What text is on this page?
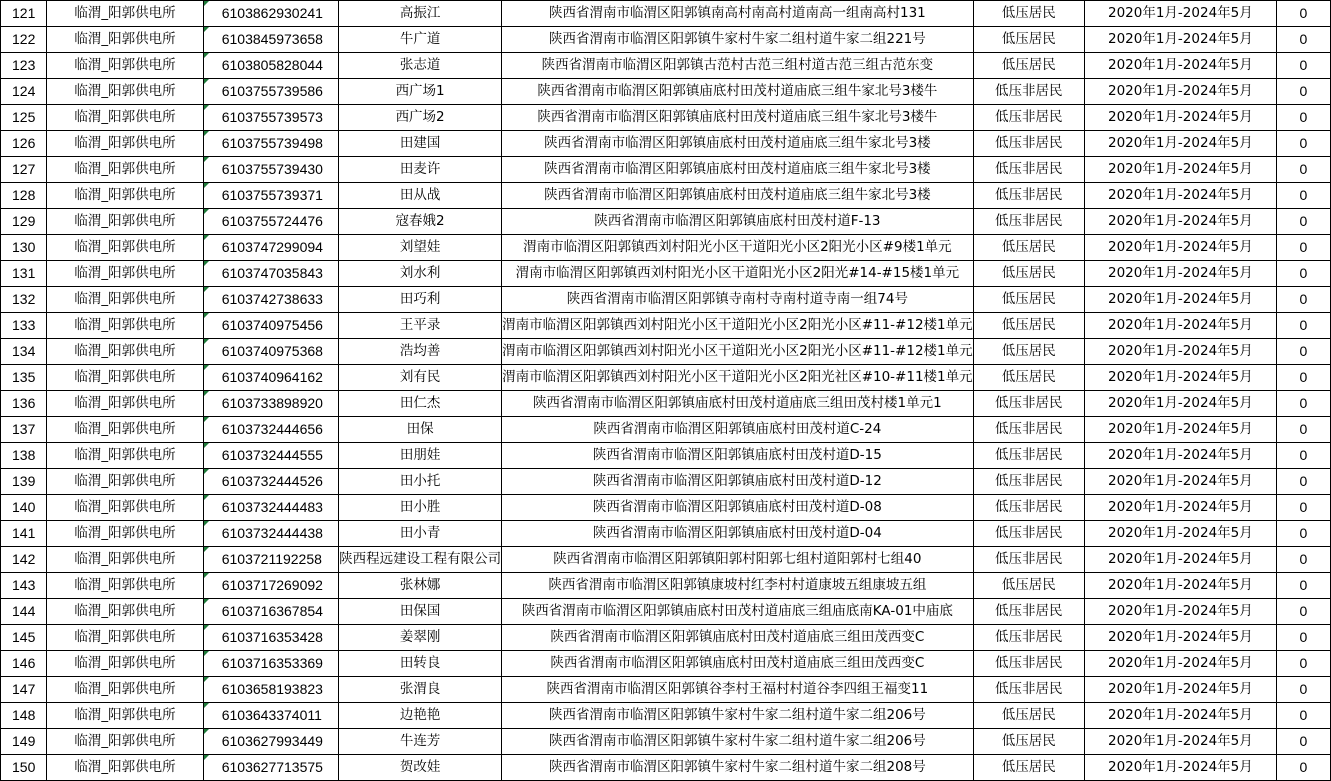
121	临渭_阳郭供电所	6103862930241	高振江	陕西省渭南市临渭区阳郭镇南高村南高村道南高一组南高村131	低压居民	2020年1月-2024年5月	0
122	临渭_阳郭供电所	6103845973658	牛广道	陕西省渭南市临渭区阳郭镇牛家村牛家二组村道牛家二组221号	低压居民	2020年1月-2024年5月	0
123	临渭_阳郭供电所	6103805828044	张志道	陕西省渭南市临渭区阳郭镇古范村古范三组村道古范三组古范东变	低压居民	2020年1月-2024年5月	0
124	临渭_阳郭供电所	6103755739586	西广场1	陕西省渭南市临渭区阳郭镇庙底村田茂村道庙底三组牛家北号3楼牛	低压非居民	2020年1月-2024年5月	0
125	临渭_阳郭供电所	6103755739573	西广场2	陕西省渭南市临渭区阳郭镇庙底村田茂村道庙底三组牛家北号3楼牛	低压非居民	2020年1月-2024年5月	0
126	临渭_阳郭供电所	6103755739498	田建国	陕西省渭南市临渭区阳郭镇庙底村田茂村道庙底三组牛家北号3楼	低压非居民	2020年1月-2024年5月	0
127	临渭_阳郭供电所	6103755739430	田麦许	陕西省渭南市临渭区阳郭镇庙底村田茂村道庙底三组牛家北号3楼	低压非居民	2020年1月-2024年5月	0
128	临渭_阳郭供电所	6103755739371	田从战	陕西省渭南市临渭区阳郭镇庙底村田茂村道庙底三组牛家北号3楼	低压非居民	2020年1月-2024年5月	0
129	临渭_阳郭供电所	6103755724476	寇春娥2	陕西省渭南市临渭区阳郭镇庙底村田茂村道F-13	低压非居民	2020年1月-2024年5月	0
130	临渭_阳郭供电所	6103747299094	刘望娃	渭南市临渭区阳郭镇西刘村阳光小区干道阳光小区2阳光小区#9楼1单元	低压居民	2020年1月-2024年5月	0
131	临渭_阳郭供电所	6103747035843	刘水利	渭南市临渭区阳郭镇西刘村阳光小区干道阳光小区2阳光#14-#15楼1单元	低压居民	2020年1月-2024年5月	0
132	临渭_阳郭供电所	6103742738633	田巧利	陕西省渭南市临渭区阳郭镇寺南村寺南村道寺南一组74号	低压居民	2020年1月-2024年5月	0
133	临渭_阳郭供电所	6103740975456	王平录	渭南市临渭区阳郭镇西刘村阳光小区干道阳光小区2阳光小区#11-#12楼1单元	低压居民	2020年1月-2024年5月	0
134	临渭_阳郭供电所	6103740975368	浩均善	渭南市临渭区阳郭镇西刘村阳光小区干道阳光小区2阳光小区#11-#12楼1单元	低压居民	2020年1月-2024年5月	0
135	临渭_阳郭供电所	6103740964162	刘有民	渭南市临渭区阳郭镇西刘村阳光小区干道阳光小区2阳光社区#10-#11楼1单元	低压居民	2020年1月-2024年5月	0
136	临渭_阳郭供电所	6103733898920	田仁杰	陕西省渭南市临渭区阳郭镇庙底村田茂村道庙底三组田茂村楼1单元1	低压非居民	2020年1月-2024年5月	0
137	临渭_阳郭供电所	6103732444656	田保	陕西省渭南市临渭区阳郭镇庙底村田茂村道C-24	低压非居民	2020年1月-2024年5月	0
138	临渭_阳郭供电所	6103732444555	田朋娃	陕西省渭南市临渭区阳郭镇庙底村田茂村道D-15	低压非居民	2020年1月-2024年5月	0
139	临渭_阳郭供电所	6103732444526	田小托	陕西省渭南市临渭区阳郭镇庙底村田茂村道D-12	低压非居民	2020年1月-2024年5月	0
140	临渭_阳郭供电所	6103732444483	田小胜	陕西省渭南市临渭区阳郭镇庙底村田茂村道D-08	低压非居民	2020年1月-2024年5月	0
141	临渭_阳郭供电所	6103732444438	田小青	陕西省渭南市临渭区阳郭镇庙底村田茂村道D-04	低压非居民	2020年1月-2024年5月	0
142	临渭_阳郭供电所	6103721192258	陕西程远建设工程有限公司	陕西省渭南市临渭区阳郭镇阳郭村阳郭七组村道阳郭村七组40	低压非居民	2020年1月-2024年5月	0
143	临渭_阳郭供电所	6103717269092	张林娜	陕西省渭南市临渭区阳郭镇康坡村红李村村道康坡五组康坡五组	低压居民	2020年1月-2024年5月	0
144	临渭_阳郭供电所	6103716367854	田保国	陕西省渭南市临渭区阳郭镇庙底村田茂村道庙底三组庙底南KA-01中庙底	低压非居民	2020年1月-2024年5月	0
145	临渭_阳郭供电所	6103716353428	姜翠刚	陕西省渭南市临渭区阳郭镇庙底村田茂村道庙底三组田茂西变C	低压非居民	2020年1月-2024年5月	0
146	临渭_阳郭供电所	6103716353369	田转良	陕西省渭南市临渭区阳郭镇庙底村田茂村道庙底三组田茂西变C	低压非居民	2020年1月-2024年5月	0
147	临渭_阳郭供电所	6103658193823	张渭良	陕西省渭南市临渭区阳郭镇谷李村王福村村道谷李四组王福变11	低压非居民	2020年1月-2024年5月	0
148	临渭_阳郭供电所	6103643374011	边艳艳	陕西省渭南市临渭区阳郭镇牛家村牛家二组村道牛家二组206号	低压居民	2020年1月-2024年5月	0
149	临渭_阳郭供电所	6103627993449	牛连芳	陕西省渭南市临渭区阳郭镇牛家村牛家二组村道牛家二组206号	低压居民	2020年1月-2024年5月	0
150	临渭_阳郭供电所	6103627713575	贺改娃	陕西省渭南市临渭区阳郭镇牛家村牛家二组村道牛家二组208号	低压居民	2020年1月-2024年5月	0
